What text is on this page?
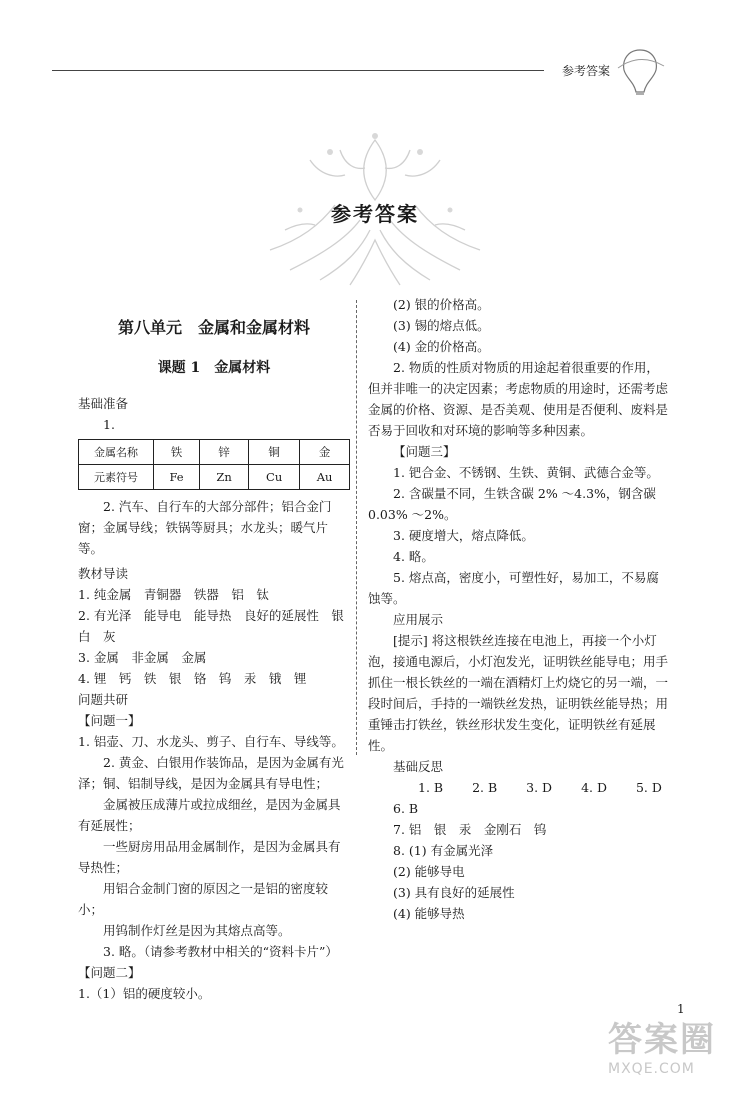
参考答案
参考答案

第八单元　金属和金属材料

课题 1　金属材料

基础准备

1.

金属名称	铁	锌	铜	金
元素符号	Fe	Zn	Cu	Au

2. 汽车、自行车的大部分部件；铝合金门窗；金属导线；铁锅等厨具；水龙头；暖气片等。

教材导读

1. 纯金属　青铜器　铁器　铝　钛

2. 有光泽　能导电　能导热　良好的延展性　银白　灰

3. 金属　非金属　金属

4. 锂　钙　铁　银　铬　钨　汞　锇　锂

问题共研

【问题一】

1. 铝壶、刀、水龙头、剪子、自行车、导线等。

2. 黄金、白银用作装饰品，是因为金属有光泽；铜、铝制导线，是因为金属具有导电性；

金属被压成薄片或拉成细丝，是因为金属具有延展性；

一些厨房用品用金属制作，是因为金属具有导热性；

用铝合金制门窗的原因之一是铝的密度较小；

用钨制作灯丝是因为其熔点高等。

3. 略。（请参考教材中相关的“资料卡片”）

【问题二】

1.（1）铝的硬度较小。

(2) 银的价格高。

(3) 锡的熔点低。

(4) 金的价格高。

2. 物质的性质对物质的用途起着很重要的作用，但并非唯一的决定因素；考虑物质的用途时，还需考虑金属的价格、资源、是否美观、使用是否便利、废料是否易于回收和对环境的影响等多种因素。

【问题三】

1. 钯合金、不锈钢、生铁、黄铜、武德合金等。

2. 含碳量不同，生铁含碳 2% ～4.3%，钢含碳 0.03% ～2%。

3. 硬度增大，熔点降低。

4. 略。

5. 熔点高，密度小，可塑性好，易加工，不易腐蚀等。

应用展示

[提示] 将这根铁丝连接在电池上，再接一个小灯泡，接通电源后，小灯泡发光，证明铁丝能导电；用手抓住一根长铁丝的一端在酒精灯上灼烧它的另一端，一段时间后，手持的一端铁丝发热，证明铁丝能导热；用重锤击打铁丝，铁丝形状发生变化，证明铁丝有延展性。

基础反思

1. B 2. B 3. D 4. D 5. D 6. B

7. 铝　银　汞　金刚石　钨

8. (1) 有金属光泽

(2) 能够导电

(3) 具有良好的延展性

(4) 能够导热

1
答案圈
MXQE.COM
